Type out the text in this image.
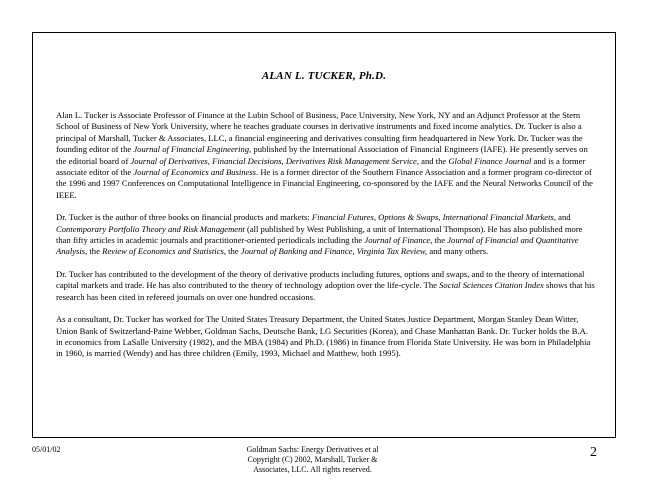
ALAN L. TUCKER, Ph.D.

Alan L. Tucker is Associate Professor of Finance at the Lubin School of Business, Pace University, New York, NY and an Adjunct Professor at the Stern School of Business of New York University, where he teaches graduate courses in derivative instruments and fixed income analytics. Dr. Tucker is also a principal of Marshall, Tucker & Associates, LLC, a financial engineering and derivatives consulting firm headquartered in New York. Dr. Tucker was the founding editor of the Journal of Financial Engineering, published by the International Association of Financial Engineers (IAFE). He presently serves on the editorial board of Journal of Derivatives, Financial Decisions, Derivatives Risk Management Service, and the Global Finance Journal and is a former associate editor of the Journal of Economics and Business. He is a former director of the Southern Finance Association and a former program co-director of the 1996 and 1997 Conferences on Computational Intelligence in Financial Engineering, co-sponsored by the IAFE and the Neural Networks Council of the IEEE.

Dr. Tucker is the author of three books on financial products and markets: Financial Futures, Options & Swaps, International Financial Markets, and Contemporary Portfolio Theory and Risk Management (all published by West Publishing, a unit of International Thompson). He has also published more than fifty articles in academic journals and practitioner-oriented periodicals including the Journal of Finance, the Journal of Financial and Quantitative Analysis, the Review of Economics and Statistics, the Journal of Banking and Finance, Virginia Tax Review, and many others.

Dr. Tucker has contributed to the development of the theory of derivative products including futures, options and swaps, and to the theory of international capital markets and trade. He has also contributed to the theory of technology adoption over the life-cycle. The Social Sciences Citation Index shows that his research has been cited in refereed journals on over one hundred occasions.

As a consultant, Dr. Tucker has worked for The United States Treasury Department, the United States Justice Department, Morgan Stanley Dean Witter, Union Bank of Switzerland-Paine Webber, Goldman Sachs, Deutsche Bank, LG Securities (Korea), and Chase Manhattan Bank. Dr. Tucker holds the B.A. in economics from LaSalle University (1982), and the MBA (1984) and Ph.D. (1986) in finance from Florida State University. He was born in Philadelphia in 1960, is married (Wendy) and has three children (Emily, 1993, Michael and Matthew, both 1995).

05/01/02	Goldman Sachs: Energy Derivatives et al
Copyright (C) 2002, Marshall, Tucker &
Associates, LLC. All rights reserved.
2
